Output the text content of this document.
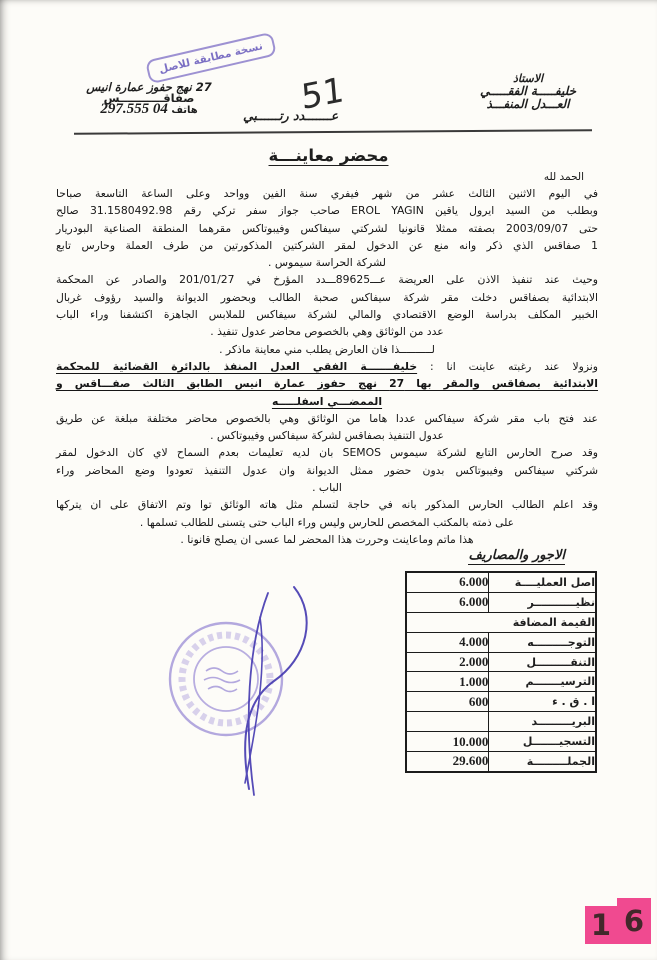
نسخة مطابقة للاصل
27 نهج حفوز عمارة انيس
صفاقـــــــــــس
هاتف 04 297.555	51
عـــــــدد رتــــــبي
الاستاذ
خليفـــــة الفقـــــي
العـــدل المنفـــذ
محضر معاينـــة
الحمد لله
في اليوم الاثنين الثالث عشر من شهر فيفري سنة الفين وواحد وعلى الساعة التاسعة صباحا
وبطلب من السيد ايرول ياقين EROL YAGIN صاحب جواز سفر تركي رقم 31.1580492.98 صالح
حتى 2003/09/07 بصفته ممثلا قانونيا لشركتي سيفاكس وفيبوتاكس مقرهما المنطقة الصناعية البودريار
1 صفاقس الذي ذكر وانه منع عن الدخول لمقر الشركتين المذكورتين من طرف العملة وحارس تابع
لشركة الحراسة سيموس .
وحيث عند تنفيذ الاذن على العريضة عـــ89625ـــدد المؤرخ في 201/01/27 والصادر عن المحكمة
الابتدائية بصفاقس دخلت مقر شركة سيفاكس صحبة الطالب وبحضور الديوانة والسيد رؤوف غربال
الخبير المكلف بدراسة الوضع الاقتصادي والمالي لشركة سيفاكس للملابس الجاهزة اكتشفنا وراء الباب
عدد من الوثائق وهي بالخصوص محاضر عدول تنفيذ .
لــــــــــذا فان العارض يطلب مني معاينة ماذكر .
ونزولا عند رغبته عاينت انا : خليفـــــــة الفقي العدل المنفذ بالدائرة القضائية للمحكمة
الابتدائية بصفاقس والمقر بها 27 نهج حفوز عمارة انيس الطابق الثالث صفـــاقس و
الممضـــي اسفلـــــه
عند فتح باب مقر شركة سيفاكس عددا هاما من الوثائق وهي بالخصوص محاضر مختلفة مبلغة عن طريق
عدول التنفيذ بصفاقس لشركة سيفاكس وفيبوتاكس .
وقد صرح الحارس التابع لشركة سيموس SEMOS بان لديه تعليمات بعدم السماح لاي كان الدخول لمقر
شركتي سيفاكس وفيبوتاكس بدون حضور ممثل الديوانة وان عدول التنفيذ تعودوا وضع المحاضر وراء
الباب .
وقد اعلم الطالب الحارس المذكور بانه في حاجة لتسلم مثل هاته الوثائق توا وتم الاتفاق على ان يتركها
على ذمته بالمكتب المخصص للحارس وليس وراء الباب حتى يتسنى للطالب تسلمها .
هذا ماتم وماعاينت وحررت هذا المحضر لما عسى ان يصلح قانونا .
الاجور والمصاريف
اصل العمليــــة	6.000
نظيـــــــــــر	6.000
القيمة المضافة	
التوجـــــــــه	4.000
التنقـــــــــل	2.000
الترسيـــــــم	1.000
ا . ق . ء	600
البريـــــــــد	
التسجيـــــــل	10.000
الجملـــــــــة	29.600
1 6
